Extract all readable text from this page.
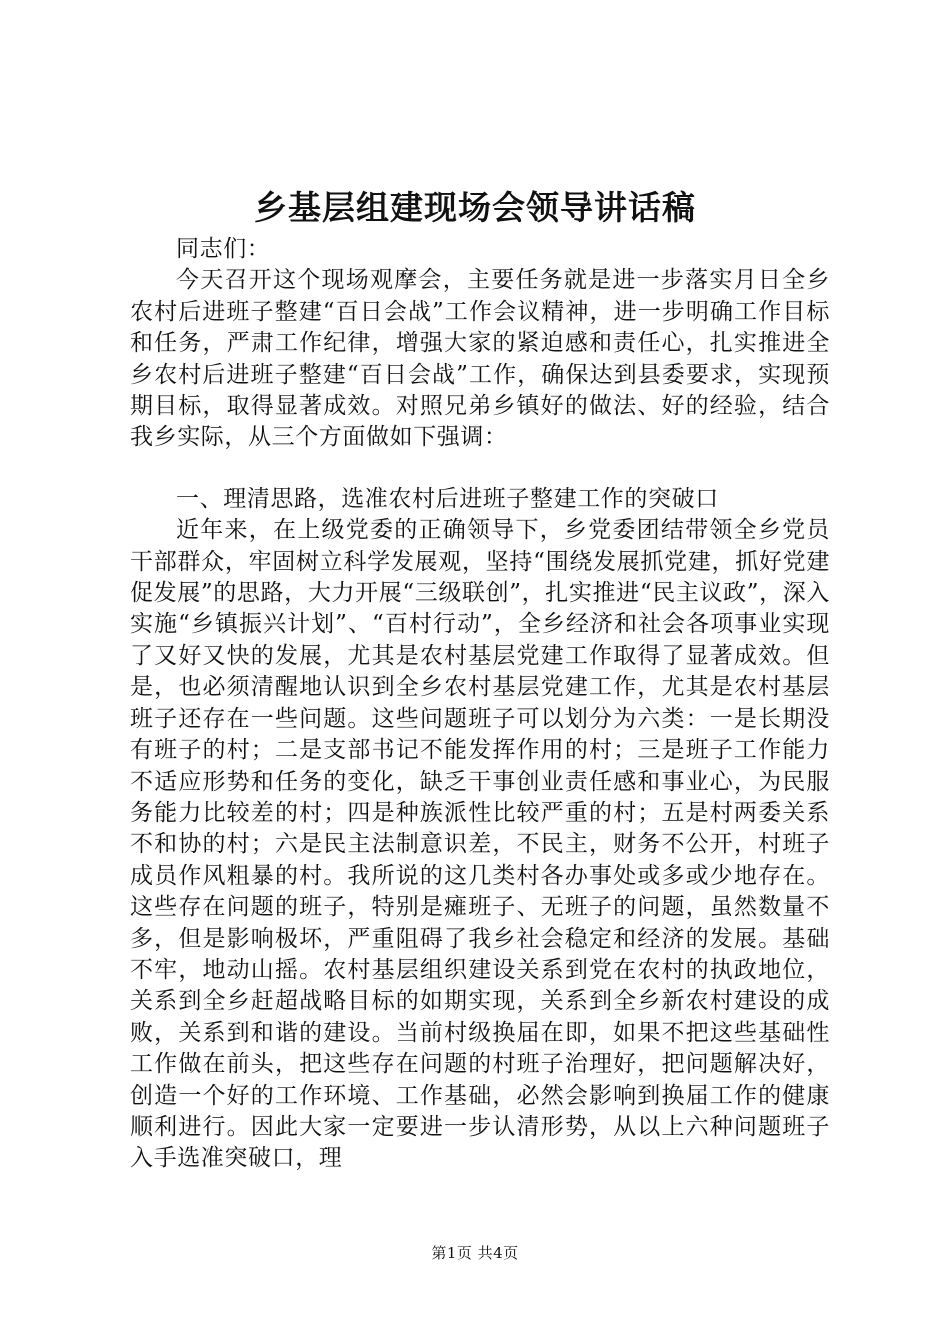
乡基层组建现场会领导讲话稿

同志们：

今天召开这个现场观摩会，主要任务就是进一步落实月日全乡农村后进班子整建“百日会战”工作会议精神，进一步明确工作目标和任务，严肃工作纪律，增强大家的紧迫感和责任心，扎实推进全乡农村后进班子整建“百日会战”工作，确保达到县委要求，实现预期目标，取得显著成效。对照兄弟乡镇好的做法、好的经验，结合我乡实际，从三个方面做如下强调：

一、理清思路，选准农村后进班子整建工作的突破口

近年来，在上级党委的正确领导下，乡党委团结带领全乡党员干部群众，牢固树立科学发展观，坚持“围绕发展抓党建，抓好党建促发展”的思路，大力开展“三级联创”，扎实推进“民主议政”，深入实施“乡镇振兴计划”、“百村行动”，全乡经济和社会各项事业实现了又好又快的发展，尤其是农村基层党建工作取得了显著成效。但是，也必须清醒地认识到全乡农村基层党建工作，尤其是农村基层班子还存在一些问题。这些问题班子可以划分为六类：一是长期没有班子的村；二是支部书记不能发挥作用的村；三是班子工作能力不适应形势和任务的变化，缺乏干事创业责任感和事业心，为民服务能力比较差的村；四是种族派性比较严重的村；五是村两委关系不和协的村；六是民主法制意识差，不民主，财务不公开，村班子成员作风粗暴的村。我所说的这几类村各办事处或多或少地存在。这些存在问题的班子，特别是瘫班子、无班子的问题，虽然数量不多，但是影响极坏，严重阻碍了我乡社会稳定和经济的发展。基础不牢，地动山摇。农村基层组织建设关系到党在农村的执政地位，关系到全乡赶超战略目标的如期实现，关系到全乡新农村建设的成败，关系到和谐的建设。当前村级换届在即，如果不把这些基础性工作做在前头，把这些存在问题的村班子治理好，把问题解决好，创造一个好的工作环境、工作基础，必然会影响到换届工作的健康顺利进行。因此大家一定要进一步认清形势，从以上六种问题班子入手选准突破口，理

第1页 共4页
